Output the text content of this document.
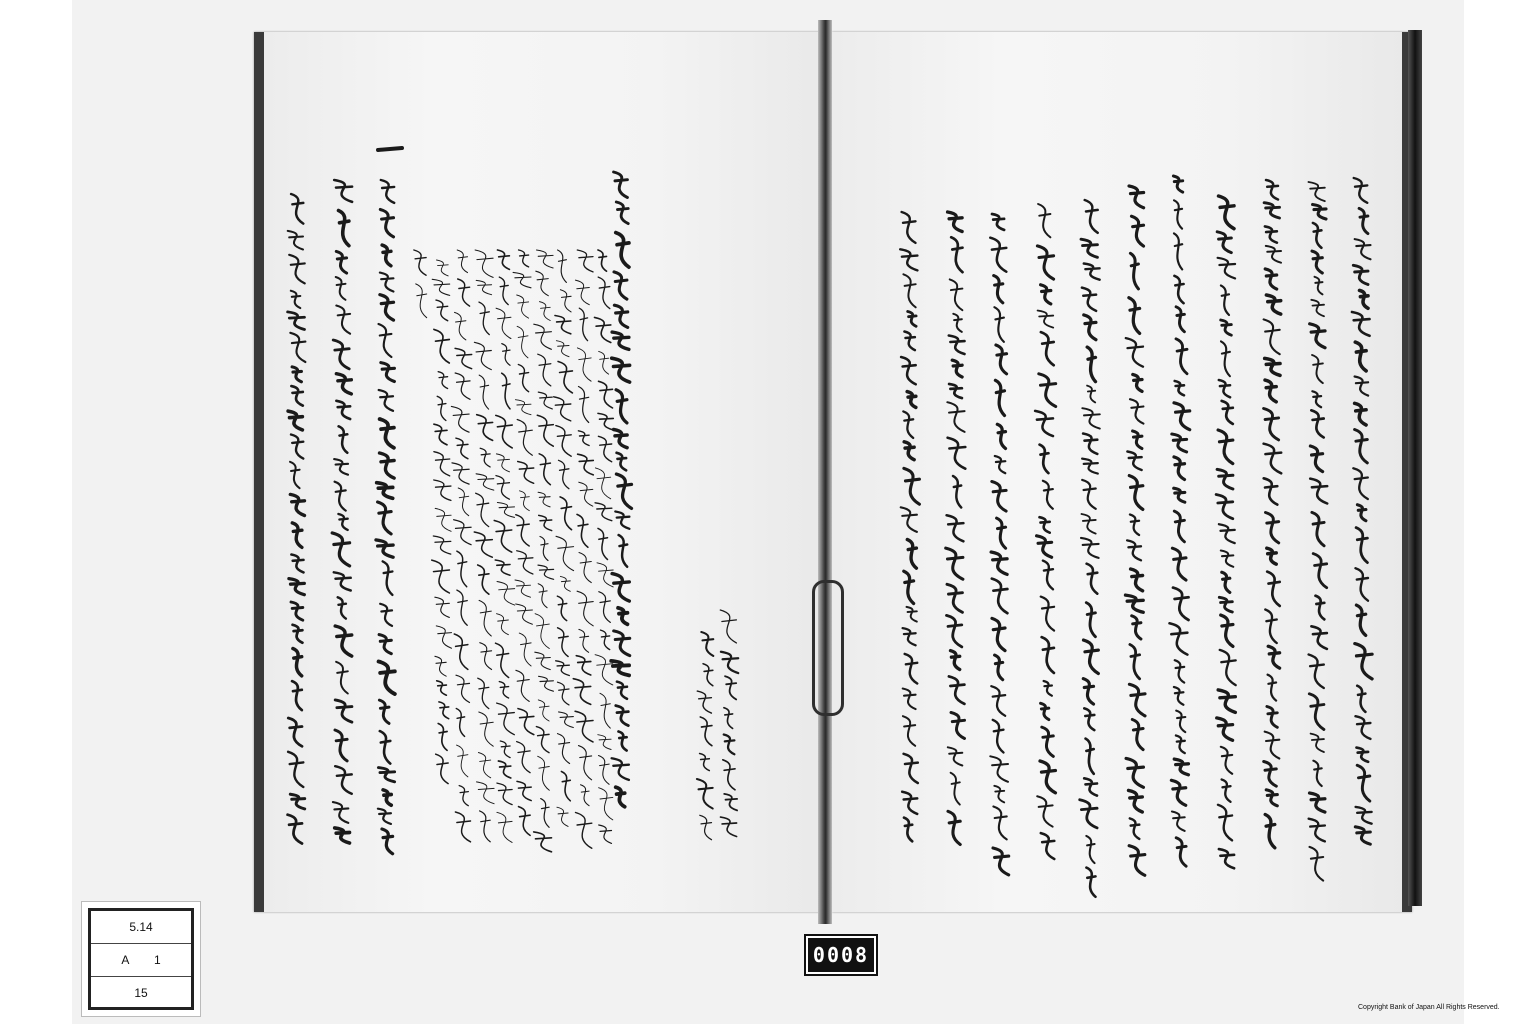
5.14
A 1
15
0008
Copyright Bank of Japan All Rights Reserved.
